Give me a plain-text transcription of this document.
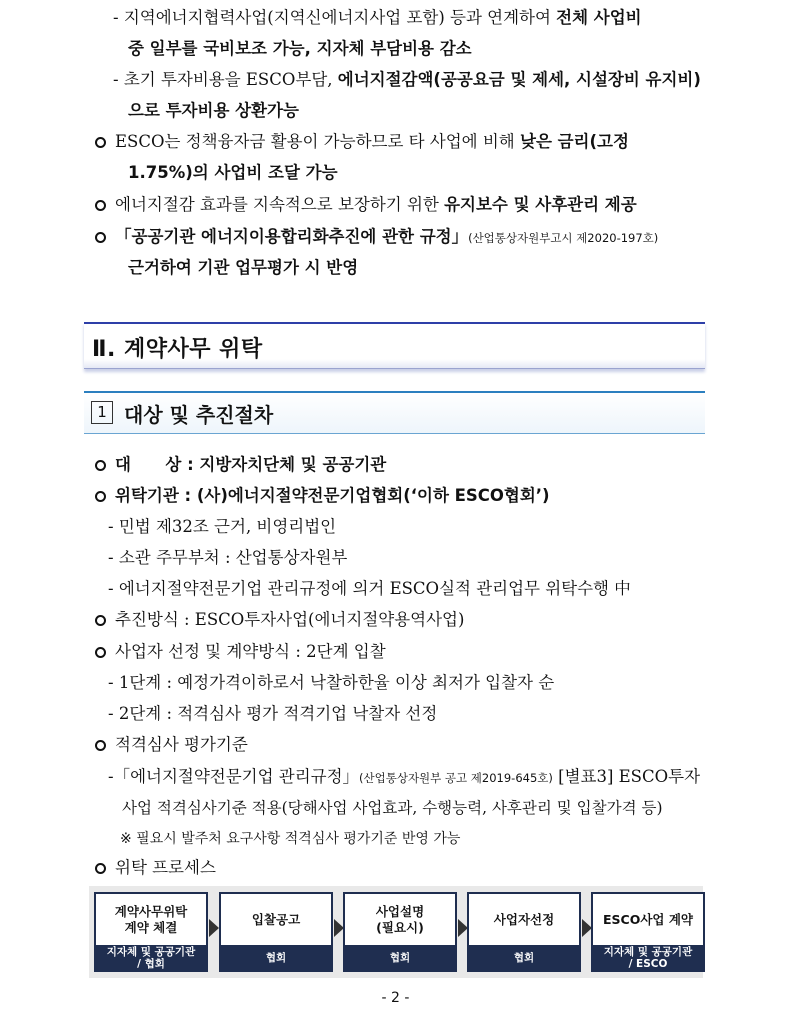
- 지역에너지협력사업(지역신에너지사업 포함) 등과 연계하여 전체 사업비
중 일부를 국비보조 가능, 지자체 부담비용 감소
- 초기 투자비용을 ESCO부담, 에너지절감액(공공요금 및 제세, 시설장비 유지비)
으로 투자비용 상환가능
ESCO는 정책융자금 활용이 가능하므로 타 사업에 비해 낮은 금리(고정
1.75%)의 사업비 조달 가능
에너지절감 효과를 지속적으로 보장하기 위한 유지보수 및 사후관리 제공
「공공기관 에너지이용합리화추진에 관한 규정」(산업통상자원부고시 제2020-197호)
근거하여 기관 업무평가 시 반영
Ⅱ. 계약사무 위탁
1 대상 및 추진절차
대      상 : 지방자치단체 및 공공기관
위탁기관 : (사)에너지절약전문기업협회(‘이하 ESCO협회’)
- 민법 제32조 근거, 비영리법인
- 소관 주무부처 : 산업통상자원부
- 에너지절약전문기업 관리규정에 의거 ESCO실적 관리업무 위탁수행 中
추진방식 : ESCO투자사업(에너지절약용역사업)
사업자 선정 및 계약방식 : 2단계 입찰
- 1단계 : 예정가격이하로서 낙찰하한율 이상 최저가 입찰자 순
- 2단계 : 적격심사 평가 적격기업 낙찰자 선정
적격심사 평가기준
-「에너지절약전문기업 관리규정」(산업통상자원부 공고 제2019-645호) [별표3] ESCO투자
사업 적격심사기준 적용(당해사업 사업효과, 수행능력, 사후관리 및 입찰가격 등)
※ 필요시 발주처 요구사항 적격심사 평가기준 반영 가능
위탁 프로세스
계약사무위탁
계약 체결
지자체 및 공공기관
/ 협회
입찰공고
협회
사업설명
(필요시)
협회
사업자선정
협회
ESCO사업 계약
지자체 및 공공기관
/ ESCO
- 2 -
